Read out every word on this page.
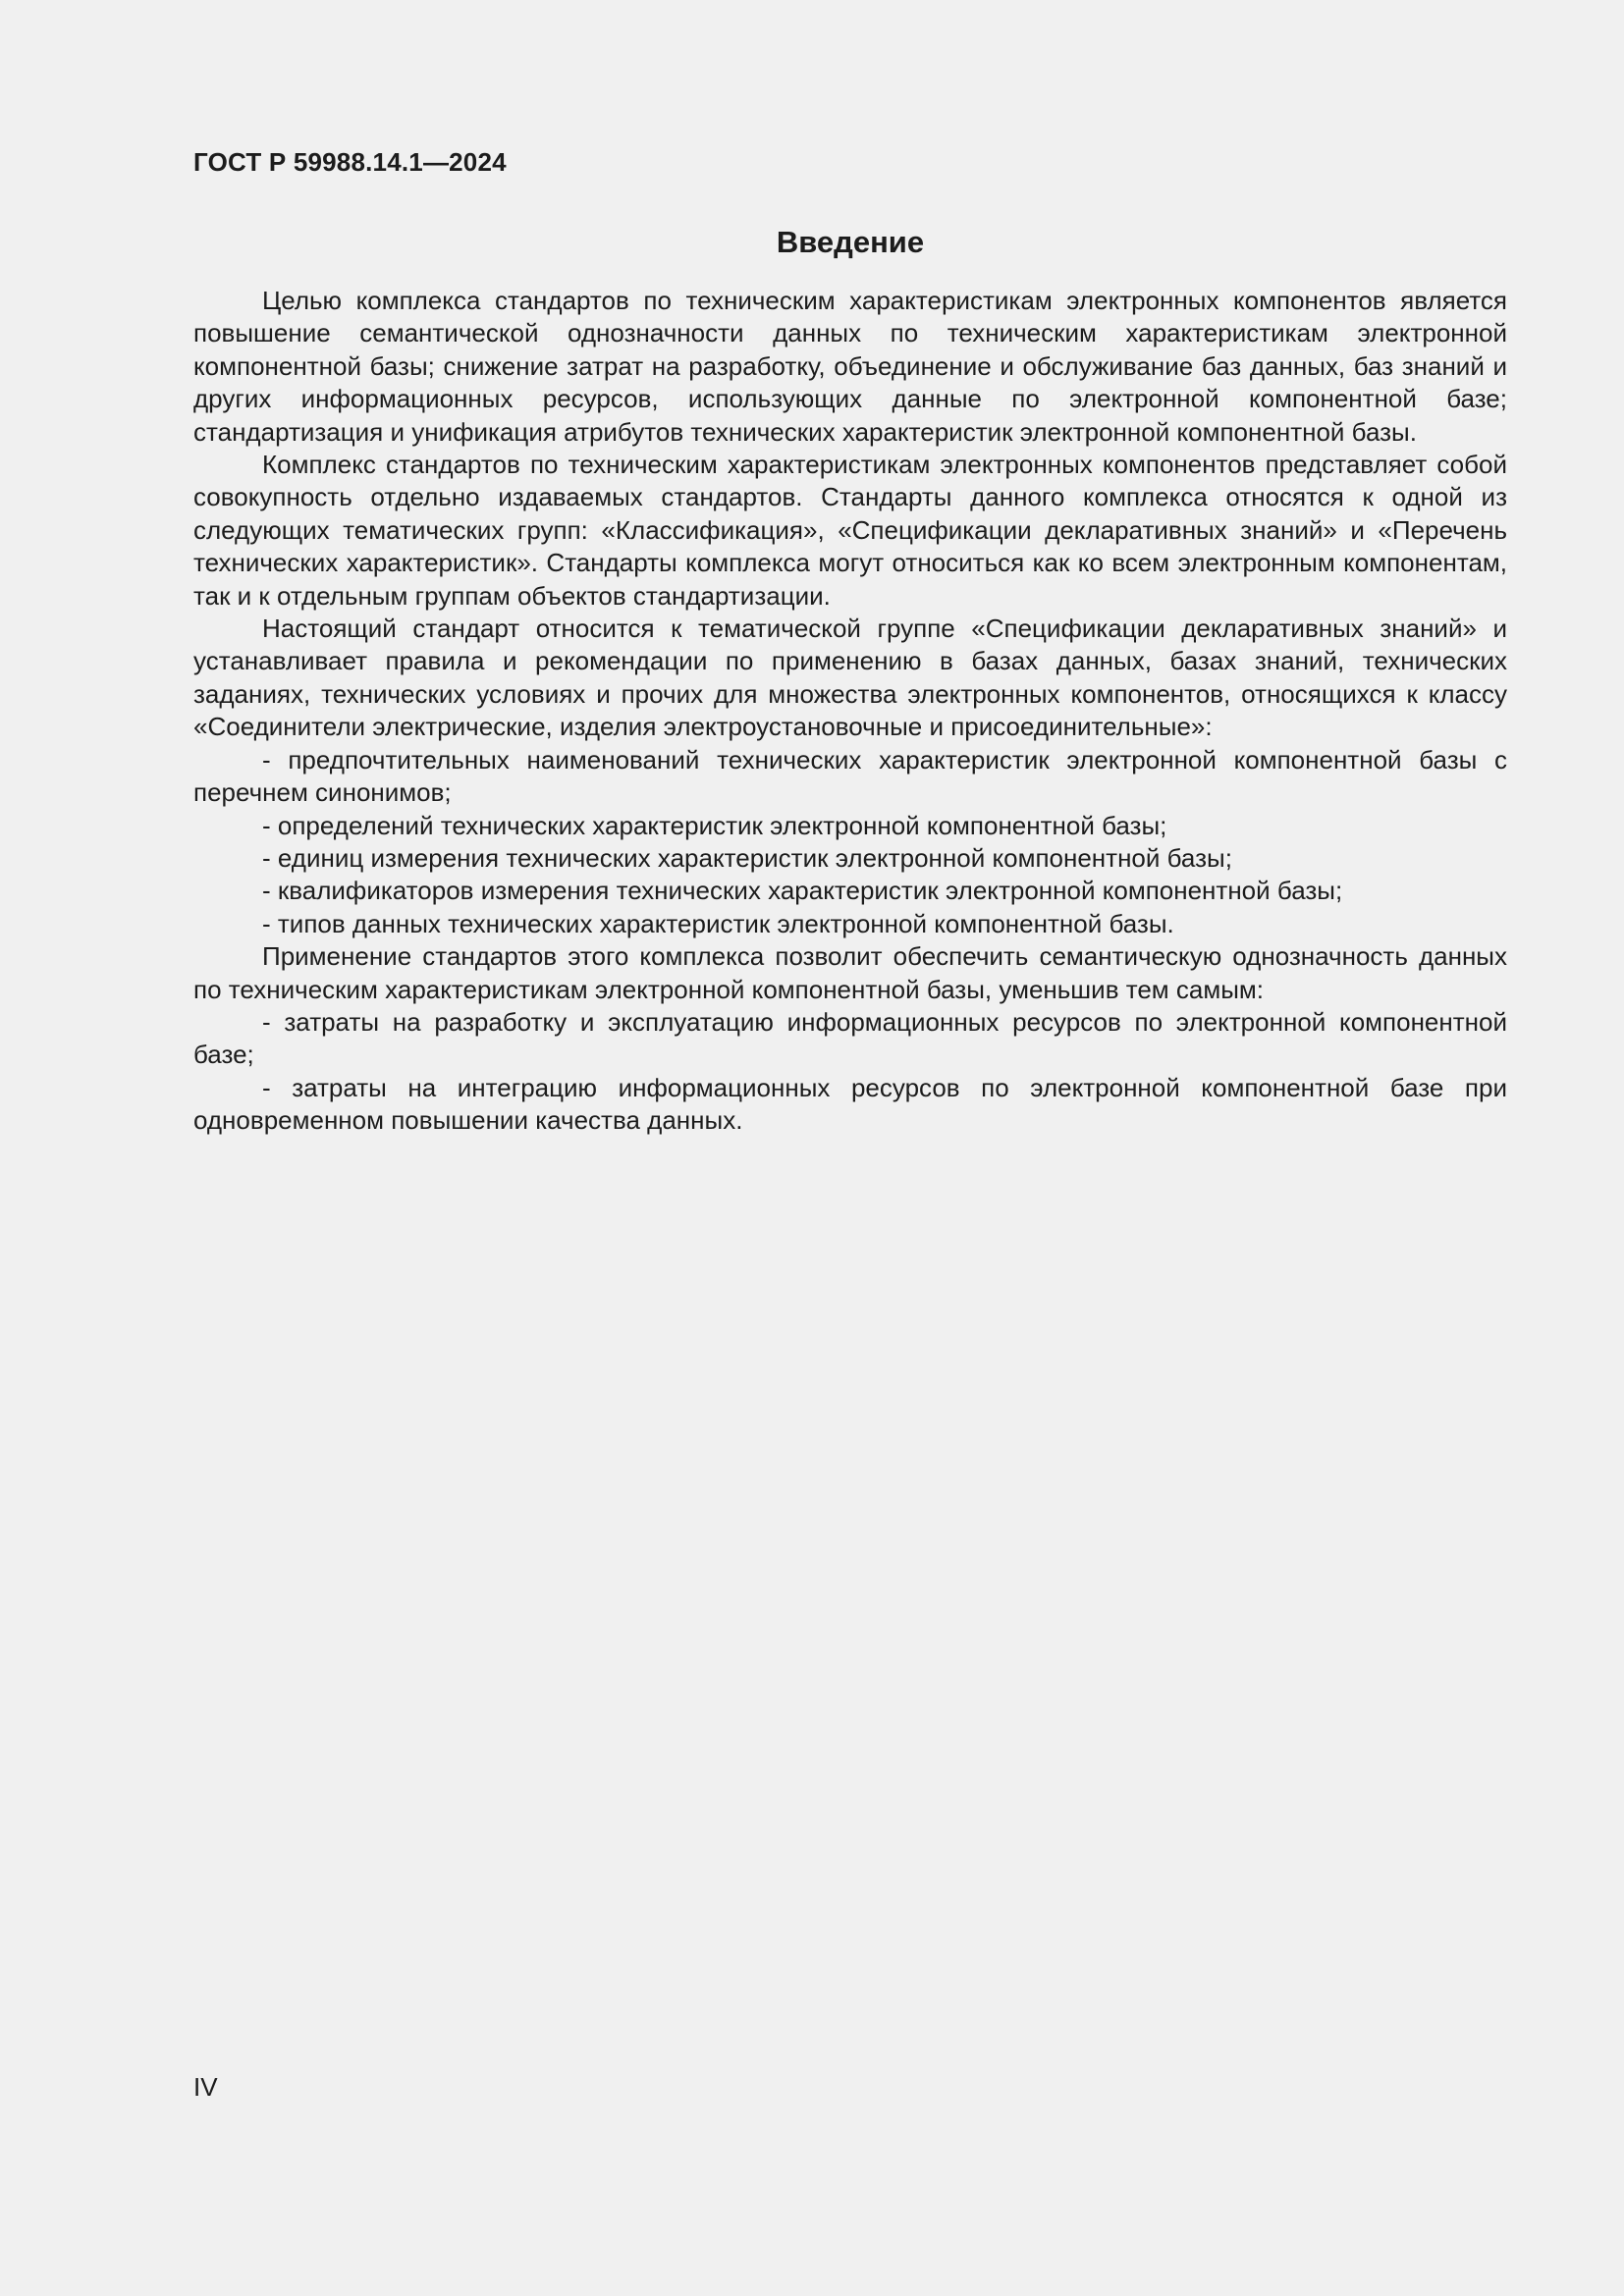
ГОСТ Р 59988.14.1—2024
Введение

Целью комплекса стандартов по техническим характеристикам электронных компонентов является повышение семантической однозначности данных по техническим характеристикам электронной компонентной базы; снижение затрат на разработку, объединение и обслуживание баз данных, баз знаний и других информационных ресурсов, использующих данные по электронной компонентной базе; стандартизация и унификация атрибутов технических характеристик электронной компонентной базы.

Комплекс стандартов по техническим характеристикам электронных компонентов представляет собой совокупность отдельно издаваемых стандартов. Стандарты данного комплекса относятся к одной из следующих тематических групп: «Классификация», «Спецификации декларативных знаний» и «Перечень технических характеристик». Стандарты комплекса могут относиться как ко всем электронным компонентам, так и к отдельным группам объектов стандартизации.

Настоящий стандарт относится к тематической группе «Спецификации декларативных знаний» и устанавливает правила и рекомендации по применению в базах данных, базах знаний, технических заданиях, технических условиях и прочих для множества электронных компонентов, относящихся к классу «Соединители электрические, изделия электроустановочные и присоединительные»:

- предпочтительных наименований технических характеристик электронной компонентной базы с перечнем синонимов;

- определений технических характеристик электронной компонентной базы;

- единиц измерения технических характеристик электронной компонентной базы;

- квалификаторов измерения технических характеристик электронной компонентной базы;

- типов данных технических характеристик электронной компонентной базы.

Применение стандартов этого комплекса позволит обеспечить семантическую однозначность данных по техническим характеристикам электронной компонентной базы, уменьшив тем самым:

- затраты на разработку и эксплуатацию информационных ресурсов по электронной компонентной базе;

- затраты на интеграцию информационных ресурсов по электронной компонентной базе при одновременном повышении качества данных.

IV
